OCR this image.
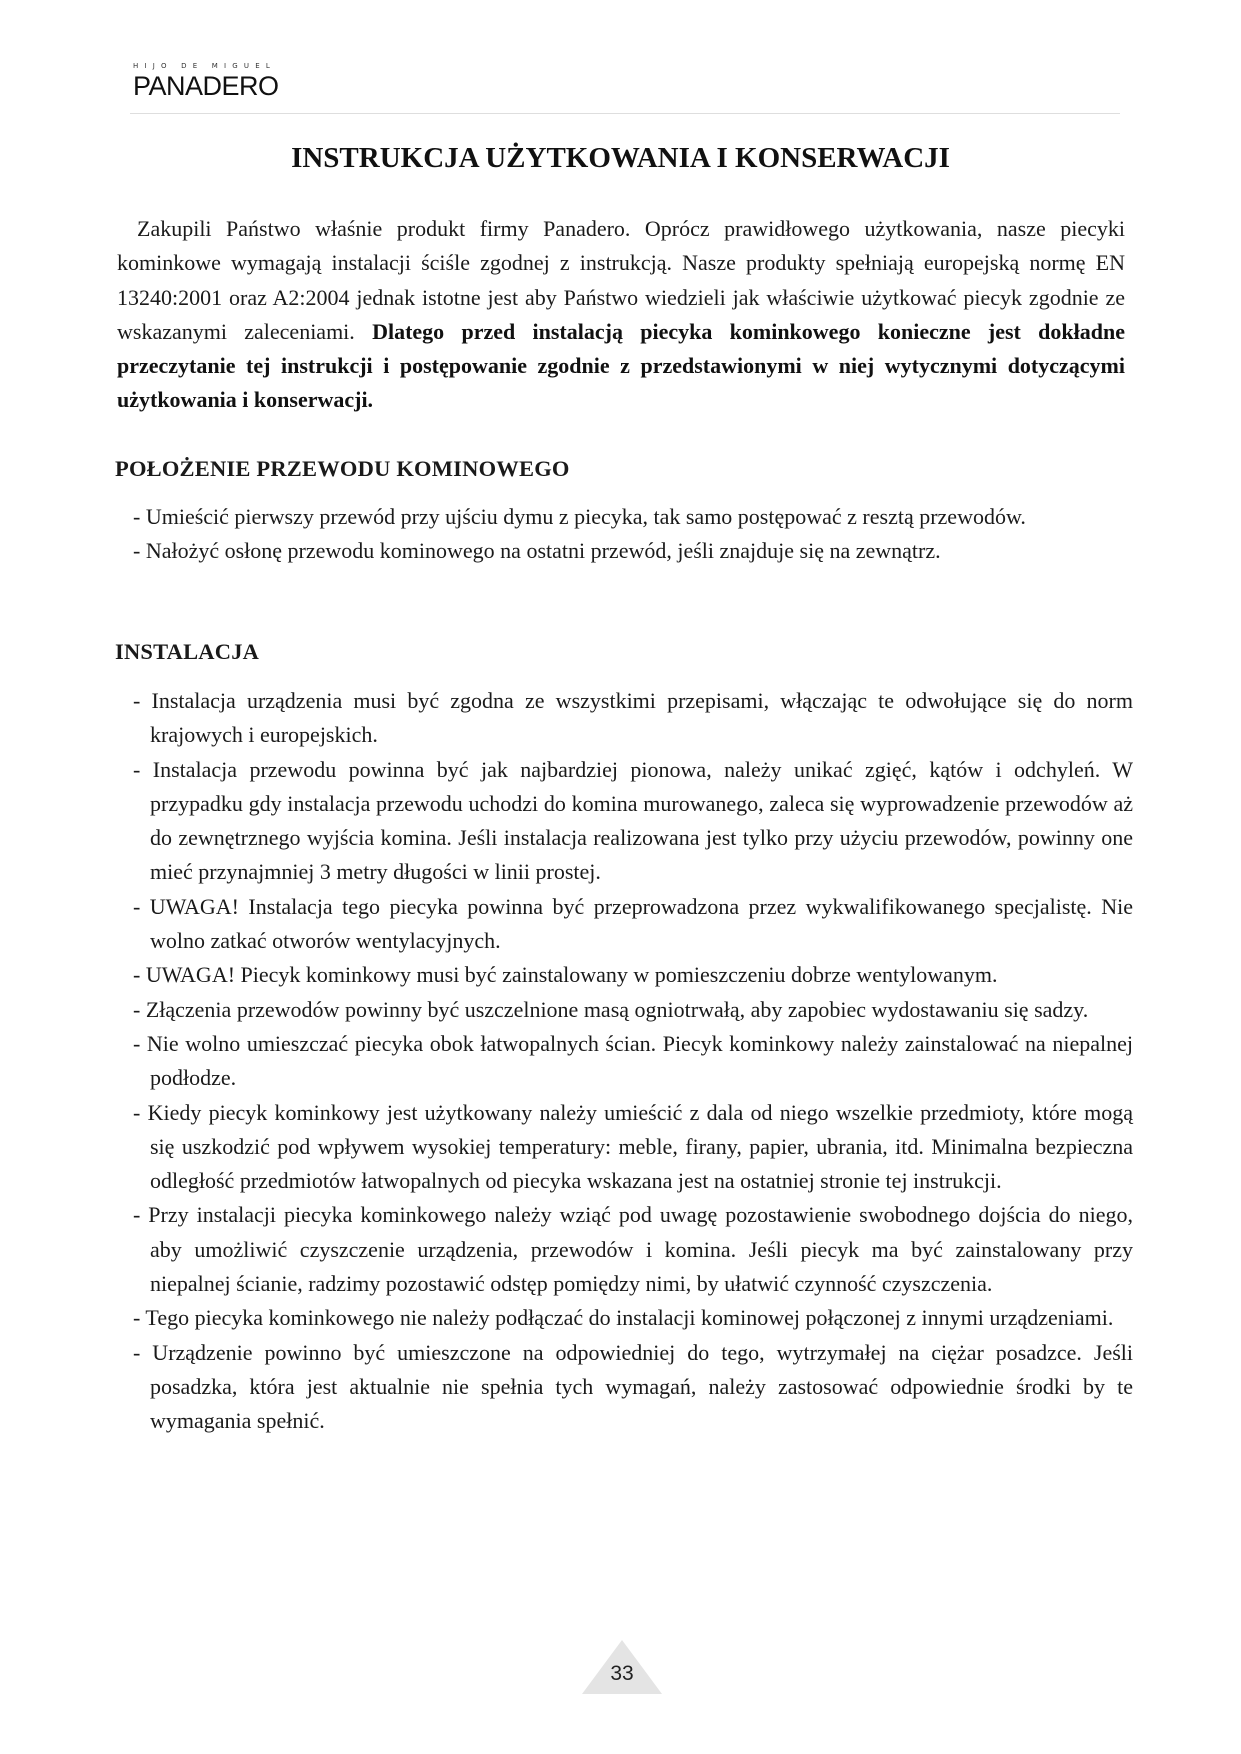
HIJO DE MIGUEL
PANADERO
INSTRUKCJA UŻYTKOWANIA I KONSERWACJI

Zakupili Państwo właśnie produkt firmy Panadero. Oprócz prawidłowego użytkowania, nasze piecyki kominkowe wymagają instalacji ściśle zgodnej z instrukcją. Nasze produkty spełniają europejską normę EN 13240:2001 oraz A2:2004 jednak istotne jest aby Państwo wiedzieli jak właściwie użytkować piecyk zgodnie ze wskazanymi zaleceniami. Dlatego przed instalacją piecyka kominkowego konieczne jest dokładne przeczytanie tej instrukcji i postępowanie zgodnie z przedstawionymi w niej wytycznymi dotyczącymi użytkowania i konserwacji.

POŁOŻENIE PRZEWODU KOMINOWEGO
- Umieścić pierwszy przewód przy ujściu dymu z piecyka, tak samo postępować z resztą przewodów.
- Nałożyć osłonę przewodu kominowego na ostatni przewód, jeśli znajduje się na zewnątrz.
INSTALACJA
- Instalacja urządzenia musi być zgodna ze wszystkimi przepisami, włączając te odwołujące się do norm krajowych i europejskich.
- Instalacja przewodu powinna być jak najbardziej pionowa, należy unikać zgięć, kątów i odchyleń. W przypadku gdy instalacja przewodu uchodzi do komina murowanego, zaleca się wyprowadzenie przewodów aż do zewnętrznego wyjścia komina. Jeśli instalacja realizowana jest tylko przy użyciu przewodów, powinny one mieć przynajmniej 3 metry długości w linii prostej.
- UWAGA! Instalacja tego piecyka powinna być przeprowadzona przez wykwalifikowanego specjalistę. Nie wolno zatkać otworów wentylacyjnych.
- UWAGA! Piecyk kominkowy musi być zainstalowany w pomieszczeniu dobrze wentylowanym.
- Złączenia przewodów powinny być uszczelnione masą ogniotrwałą, aby zapobiec wydostawaniu się sadzy.
- Nie wolno umieszczać piecyka obok łatwopalnych ścian. Piecyk kominkowy należy zainstalować na niepalnej podłodze.
- Kiedy piecyk kominkowy jest użytkowany należy umieścić z dala od niego wszelkie przedmioty, które mogą się uszkodzić pod wpływem wysokiej temperatury: meble, firany, papier, ubrania, itd. Minimalna bezpieczna odległość przedmiotów łatwopalnych od piecyka wskazana jest na ostatniej stronie tej instrukcji.
- Przy instalacji piecyka kominkowego należy wziąć pod uwagę pozostawienie swobodnego dojścia do niego, aby umożliwić czyszczenie urządzenia, przewodów i komina. Jeśli piecyk ma być zainstalowany przy niepalnej ścianie, radzimy pozostawić odstęp pomiędzy nimi, by ułatwić czynność czyszczenia.
- Tego piecyka kominkowego nie należy podłączać do instalacji kominowej połączonej z innymi urządzeniami.
- Urządzenie powinno być umieszczone na odpowiedniej do tego, wytrzymałej na ciężar posadzce. Jeśli posadzka, która jest aktualnie nie spełnia tych wymagań, należy zastosować odpowiednie środki by te wymagania spełnić.
33
